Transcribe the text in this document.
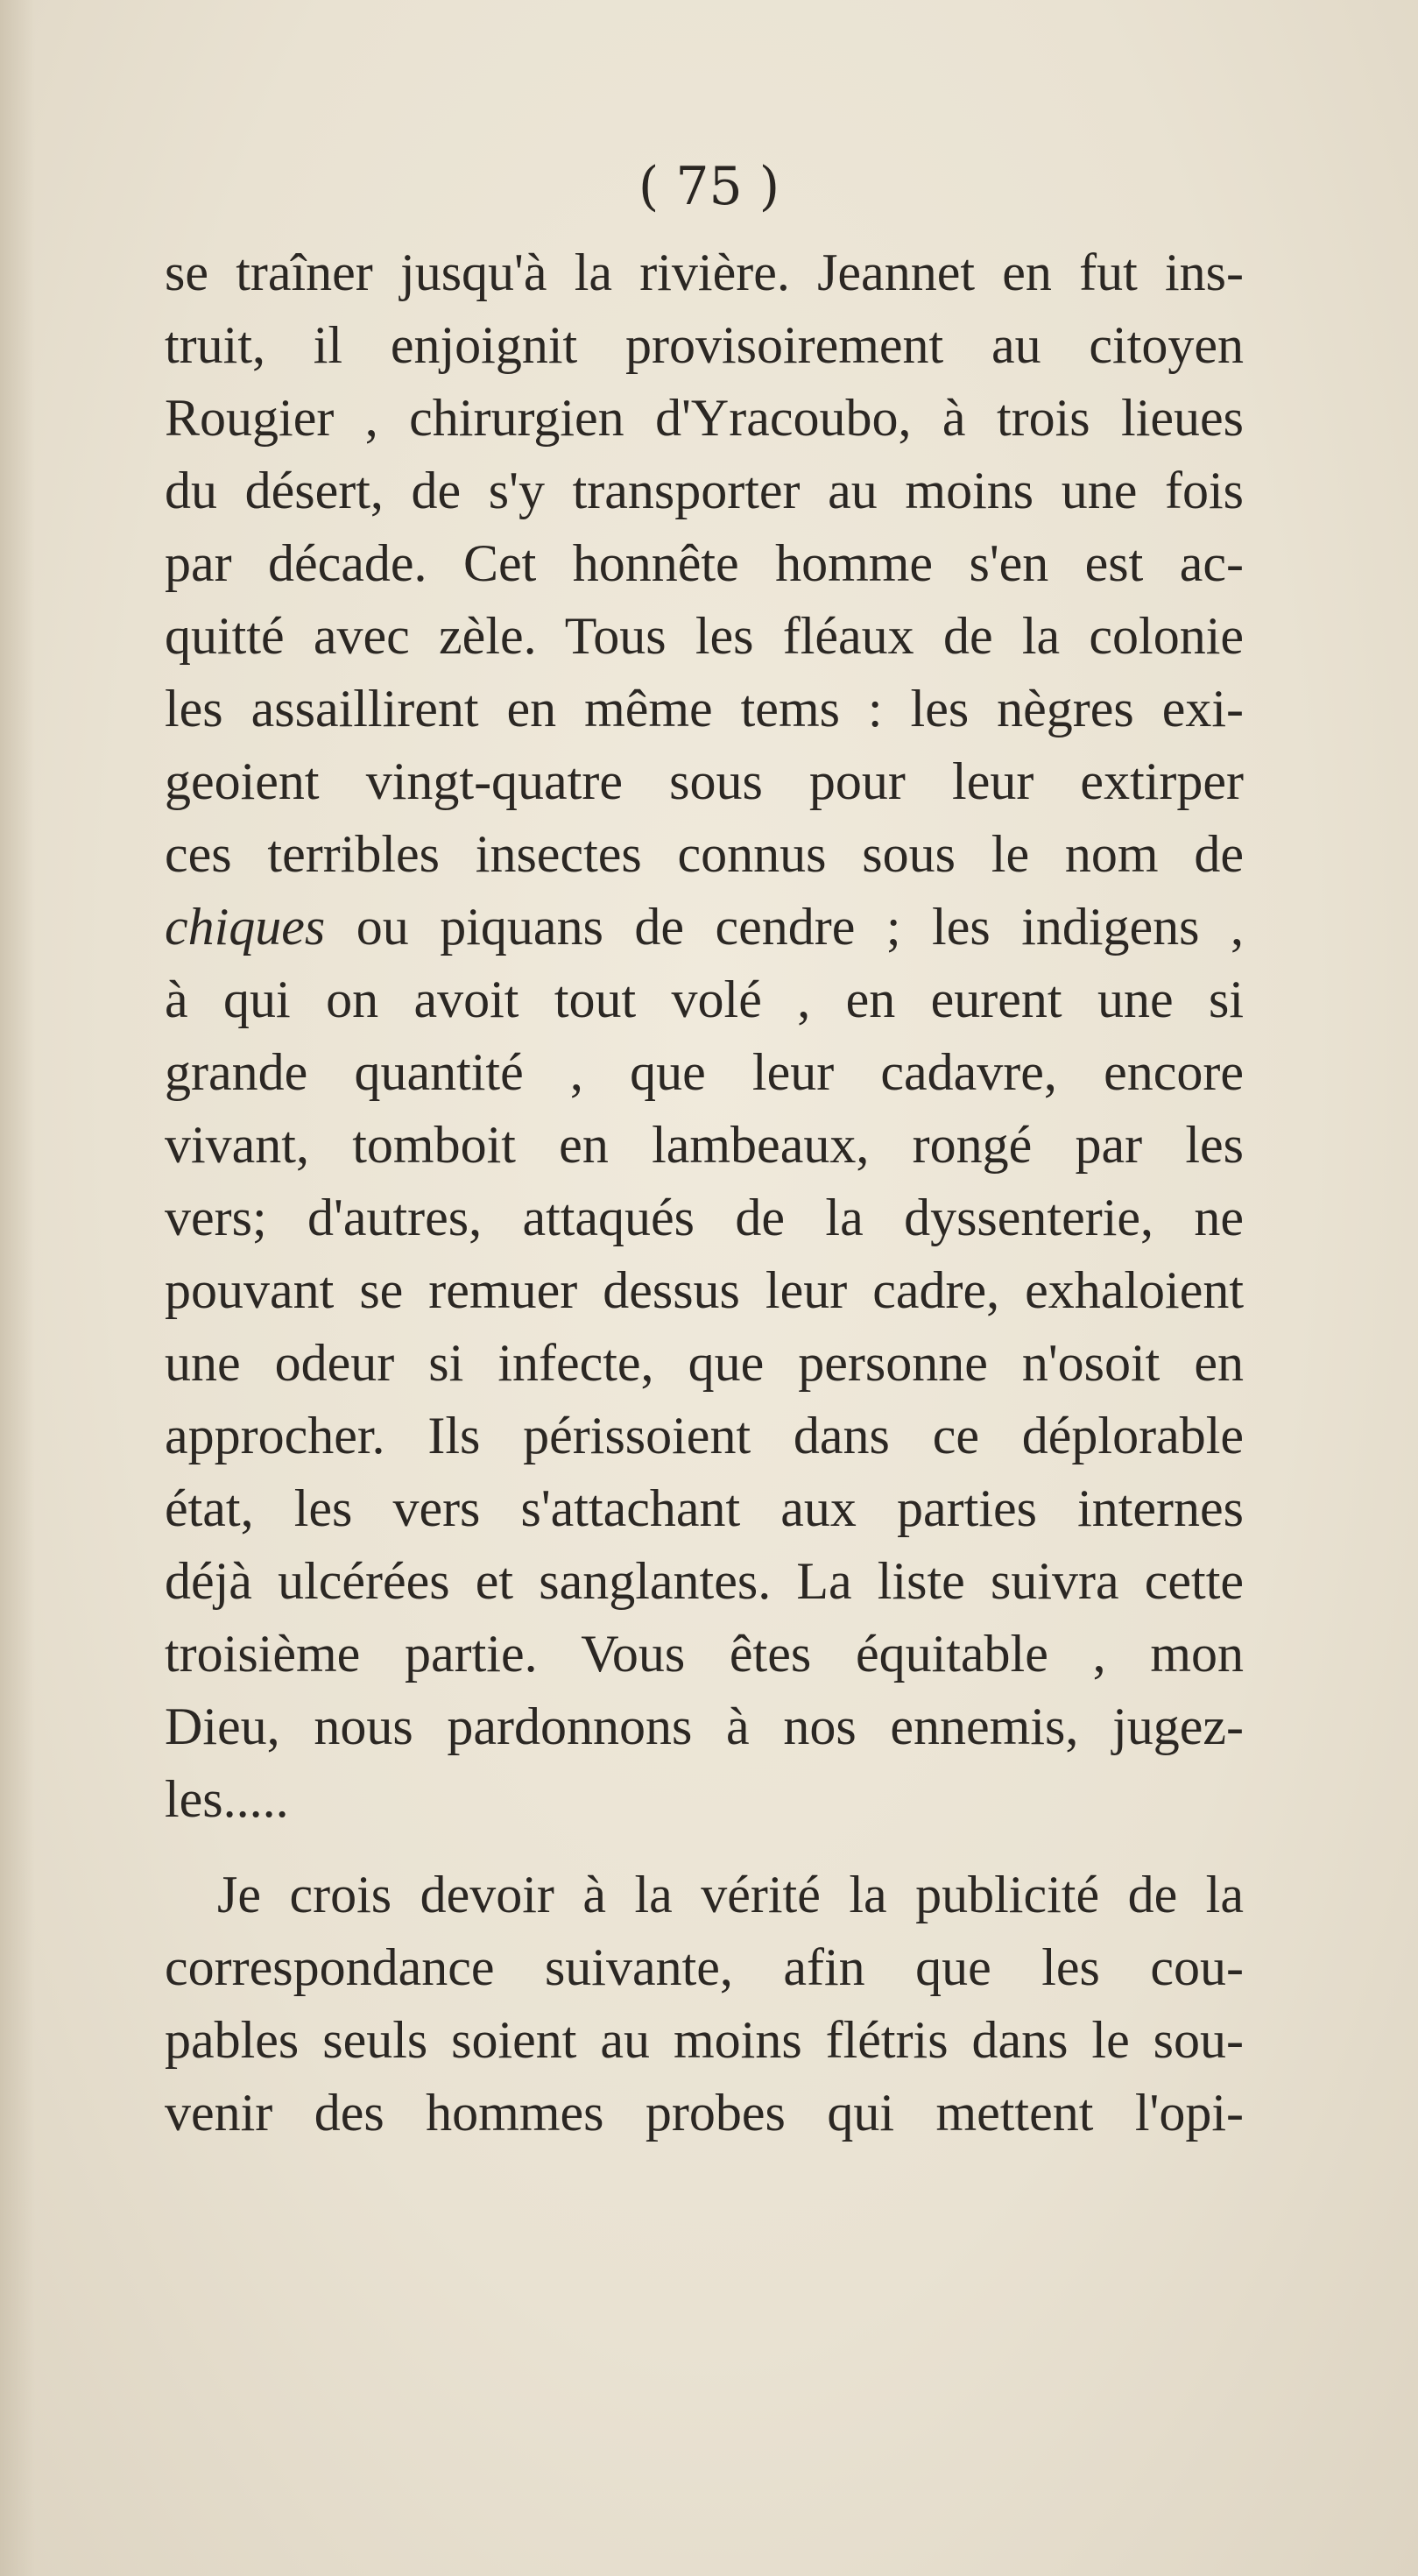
( 75 )

se traîner jusqu'à la rivière. Jeannet en fut ins-

truit, il enjoignit provisoirement au citoyen

Rougier , chirurgien d'Yracoubo, à trois lieues

du désert, de s'y transporter au moins une fois

par décade. Cet honnête homme s'en est ac-

quitté avec zèle. Tous les fléaux de la colonie

les assaillirent en même tems : les nègres exi-

geoient vingt-quatre sous pour leur extirper

ces terribles insectes connus sous le nom de

chiques ou piquans de cendre ; les indigens ,

à qui on avoit tout volé , en eurent une si

grande quantité , que leur cadavre, encore

vivant, tomboit en lambeaux, rongé par les

vers; d'autres, attaqués de la dyssenterie, ne

pouvant se remuer dessus leur cadre, exhaloient

une odeur si infecte, que personne n'osoit en

approcher. Ils périssoient dans ce déplorable

état, les vers s'attachant aux parties internes

déjà ulcérées et sanglantes. La liste suivra cette

troisième partie. Vous êtes équitable , mon

Dieu, nous pardonnons à nos ennemis, jugez-

les.....

Je crois devoir à la vérité la publicité de la

correspondance suivante, afin que les cou-

pables seuls soient au moins flétris dans le sou-

venir des hommes probes qui mettent l'opi-
